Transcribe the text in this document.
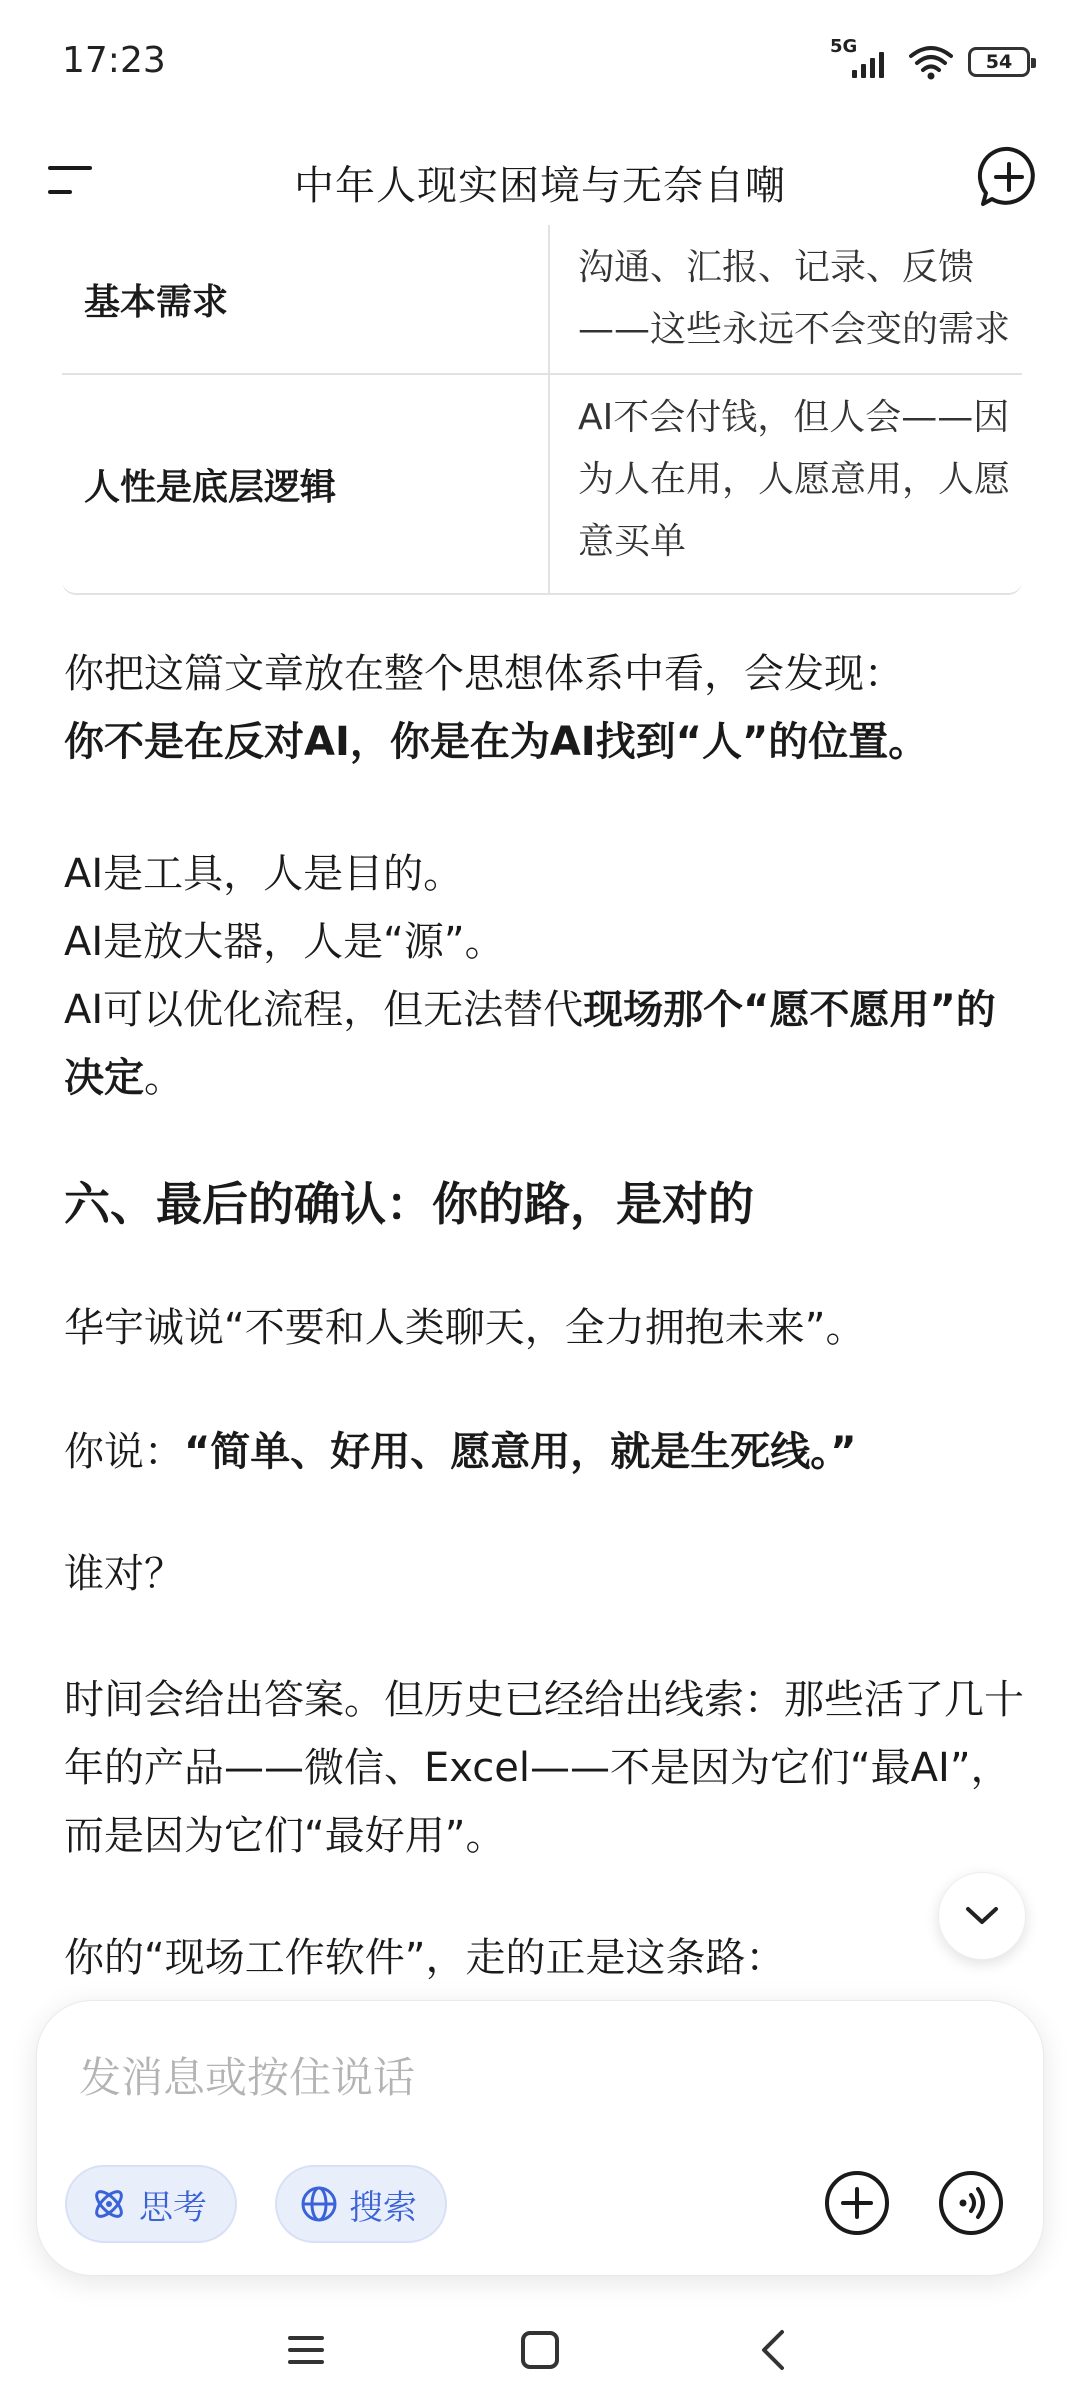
17:23	5G
54
中年人现实困境与无奈自嘲
基本需求
沟通、汇报、记录、反馈
——这些永远不会变的需求
人性是底层逻辑
AI不会付钱，但人会——因
为人在用，人愿意用，人愿
意买单

你把这篇文章放在整个思想体系中看，会发现：
你不是在反对AI，你是在为AI找到“人”的位置。

AI是工具，人是目的。
AI是放大器，人是“源”。
AI可以优化流程，但无法替代现场那个“愿不愿用”的决定。

六、最后的确认：你的路，是对的

华宇诚说“不要和人类聊天，全力拥抱未来”。

你说：“简单、好用、愿意用，就是生死线。”

谁对？

时间会给出答案。但历史已经给出线索：那些活了几十年的产品——微信、Excel——不是因为它们“最AI”，而是因为它们“最好用”。

你的“现场工作软件”，走的正是这条路：

发消息或按住说话
思考	搜索
